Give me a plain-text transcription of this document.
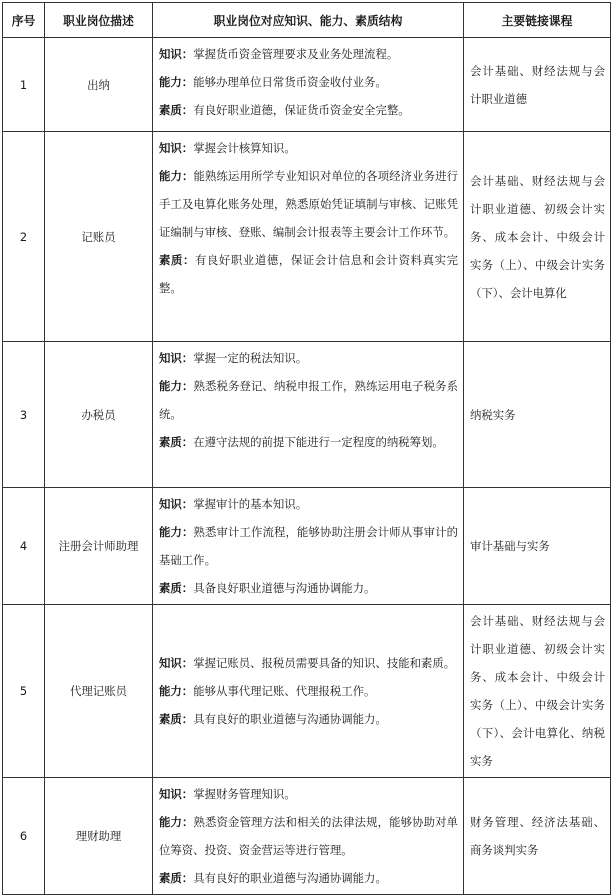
序号	职业岗位描述	职业岗位对应知识、能力、素质结构	主要链接课程
1	出纳	知识：掌握货币资金管理要求及业务处理流程。
能力：能够办理单位日常货币资金收付业务。
素质：有良好职业道德，保证货币资金安全完整。	会计基础、财经法规与会计职业道德
2	记账员	知识：掌握会计核算知识。
能力：能熟练运用所学专业知识对单位的各项经济业务进行手工及电算化账务处理，熟悉原始凭证填制与审核、记账凭证编制与审核、登账、编制会计报表等主要会计工作环节。
素质：有良好职业道德，保证会计信息和会计资料真实完整。	会计基础、财经法规与会计职业道德、初级会计实务、成本会计、中级会计实务（上）、中级会计实务（下）、会计电算化
3	办税员	知识：掌握一定的税法知识。
能力：熟悉税务登记、纳税申报工作，熟练运用电子税务系统。
素质：在遵守法规的前提下能进行一定程度的纳税筹划。	纳税实务
4	注册会计师助理	知识：掌握审计的基本知识。
能力：熟悉审计工作流程，能够协助注册会计师从事审计的基础工作。
素质：具备良好职业道德与沟通协调能力。	审计基础与实务
5	代理记账员	知识：掌握记账员、报税员需要具备的知识、技能和素质。
能力：能够从事代理记账、代理报税工作。
素质：具有良好的职业道德与沟通协调能力。	会计基础、财经法规与会计职业道德、初级会计实务、成本会计、中级会计实务（上）、中级会计实务（下）、会计电算化、纳税实务
6	理财助理	知识：掌握财务管理知识。
能力：熟悉资金管理方法和相关的法律法规，能够协助对单位筹资、投资、资金营运等进行管理。
素质：具有良好的职业道德与沟通协调能力。	财务管理、经济法基础、商务谈判实务
